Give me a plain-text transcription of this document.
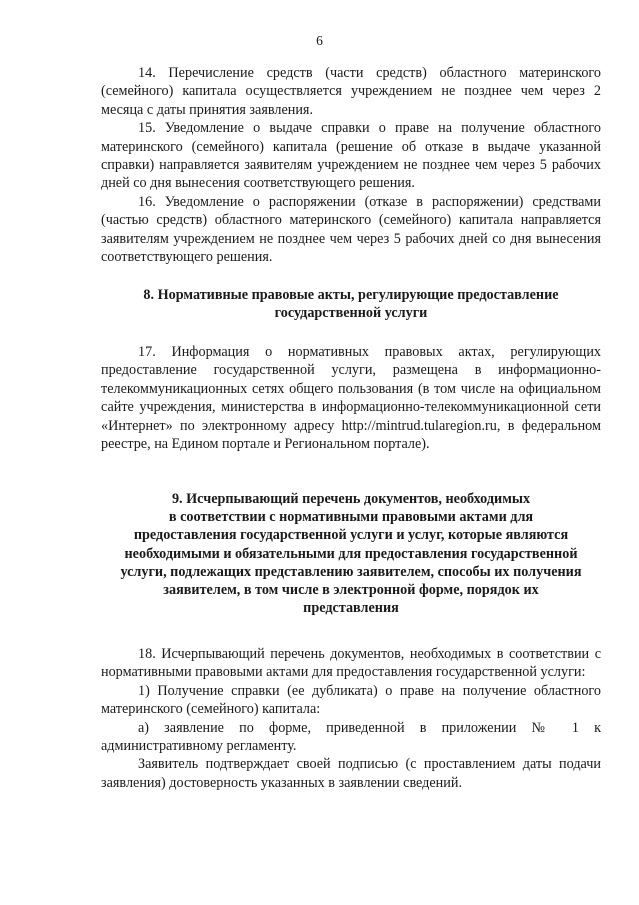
6

14. Перечисление средств (части средств) областного материнского (семейного) капитала осуществляется учреждением не позднее чем через 2 месяца с даты принятия заявления.

15. Уведомление о выдаче справки о праве на получение областного материнского (семейного) капитала (решение об отказе в выдаче указанной справки) направляется заявителям учреждением не позднее чем через 5 рабочих дней со дня вынесения соответствующего решения.

16. Уведомление о распоряжении (отказе в распоряжении) средствами (частью средств) областного материнского (семейного) капитала направляется заявителям учреждением не позднее чем через 5 рабочих дней со дня вынесения соответствующего решения.

8. Нормативные правовые акты, регулирующие предоставление
государственной услуги

17. Информация о нормативных правовых актах, регулирующих предоставление государственной услуги, размещена в информационно-телекоммуникационных сетях общего пользования (в том числе на официальном сайте учреждения, министерства в информационно-телекоммуникационной сети «Интернет» по электронному адресу http://mintrud.tularegion.ru, в федеральном реестре, на Едином портале и Региональном портале).

9. Исчерпывающий перечень документов, необходимых
в соответствии с нормативными правовыми актами для
предоставления государственной услуги и услуг, которые являются
необходимыми и обязательными для предоставления государственной
услуги, подлежащих представлению заявителем, способы их получения
заявителем, в том числе в электронной форме, порядок их
представления

18. Исчерпывающий перечень документов, необходимых в соответствии с нормативными правовыми актами для предоставления государственной услуги:

1) Получение справки (ее дубликата) о праве на получение областного материнского (семейного) капитала:

а) заявление по форме, приведенной в приложении № 1 к административному регламенту.

Заявитель подтверждает своей подписью (с проставлением даты подачи заявления) достоверность указанных в заявлении сведений.
